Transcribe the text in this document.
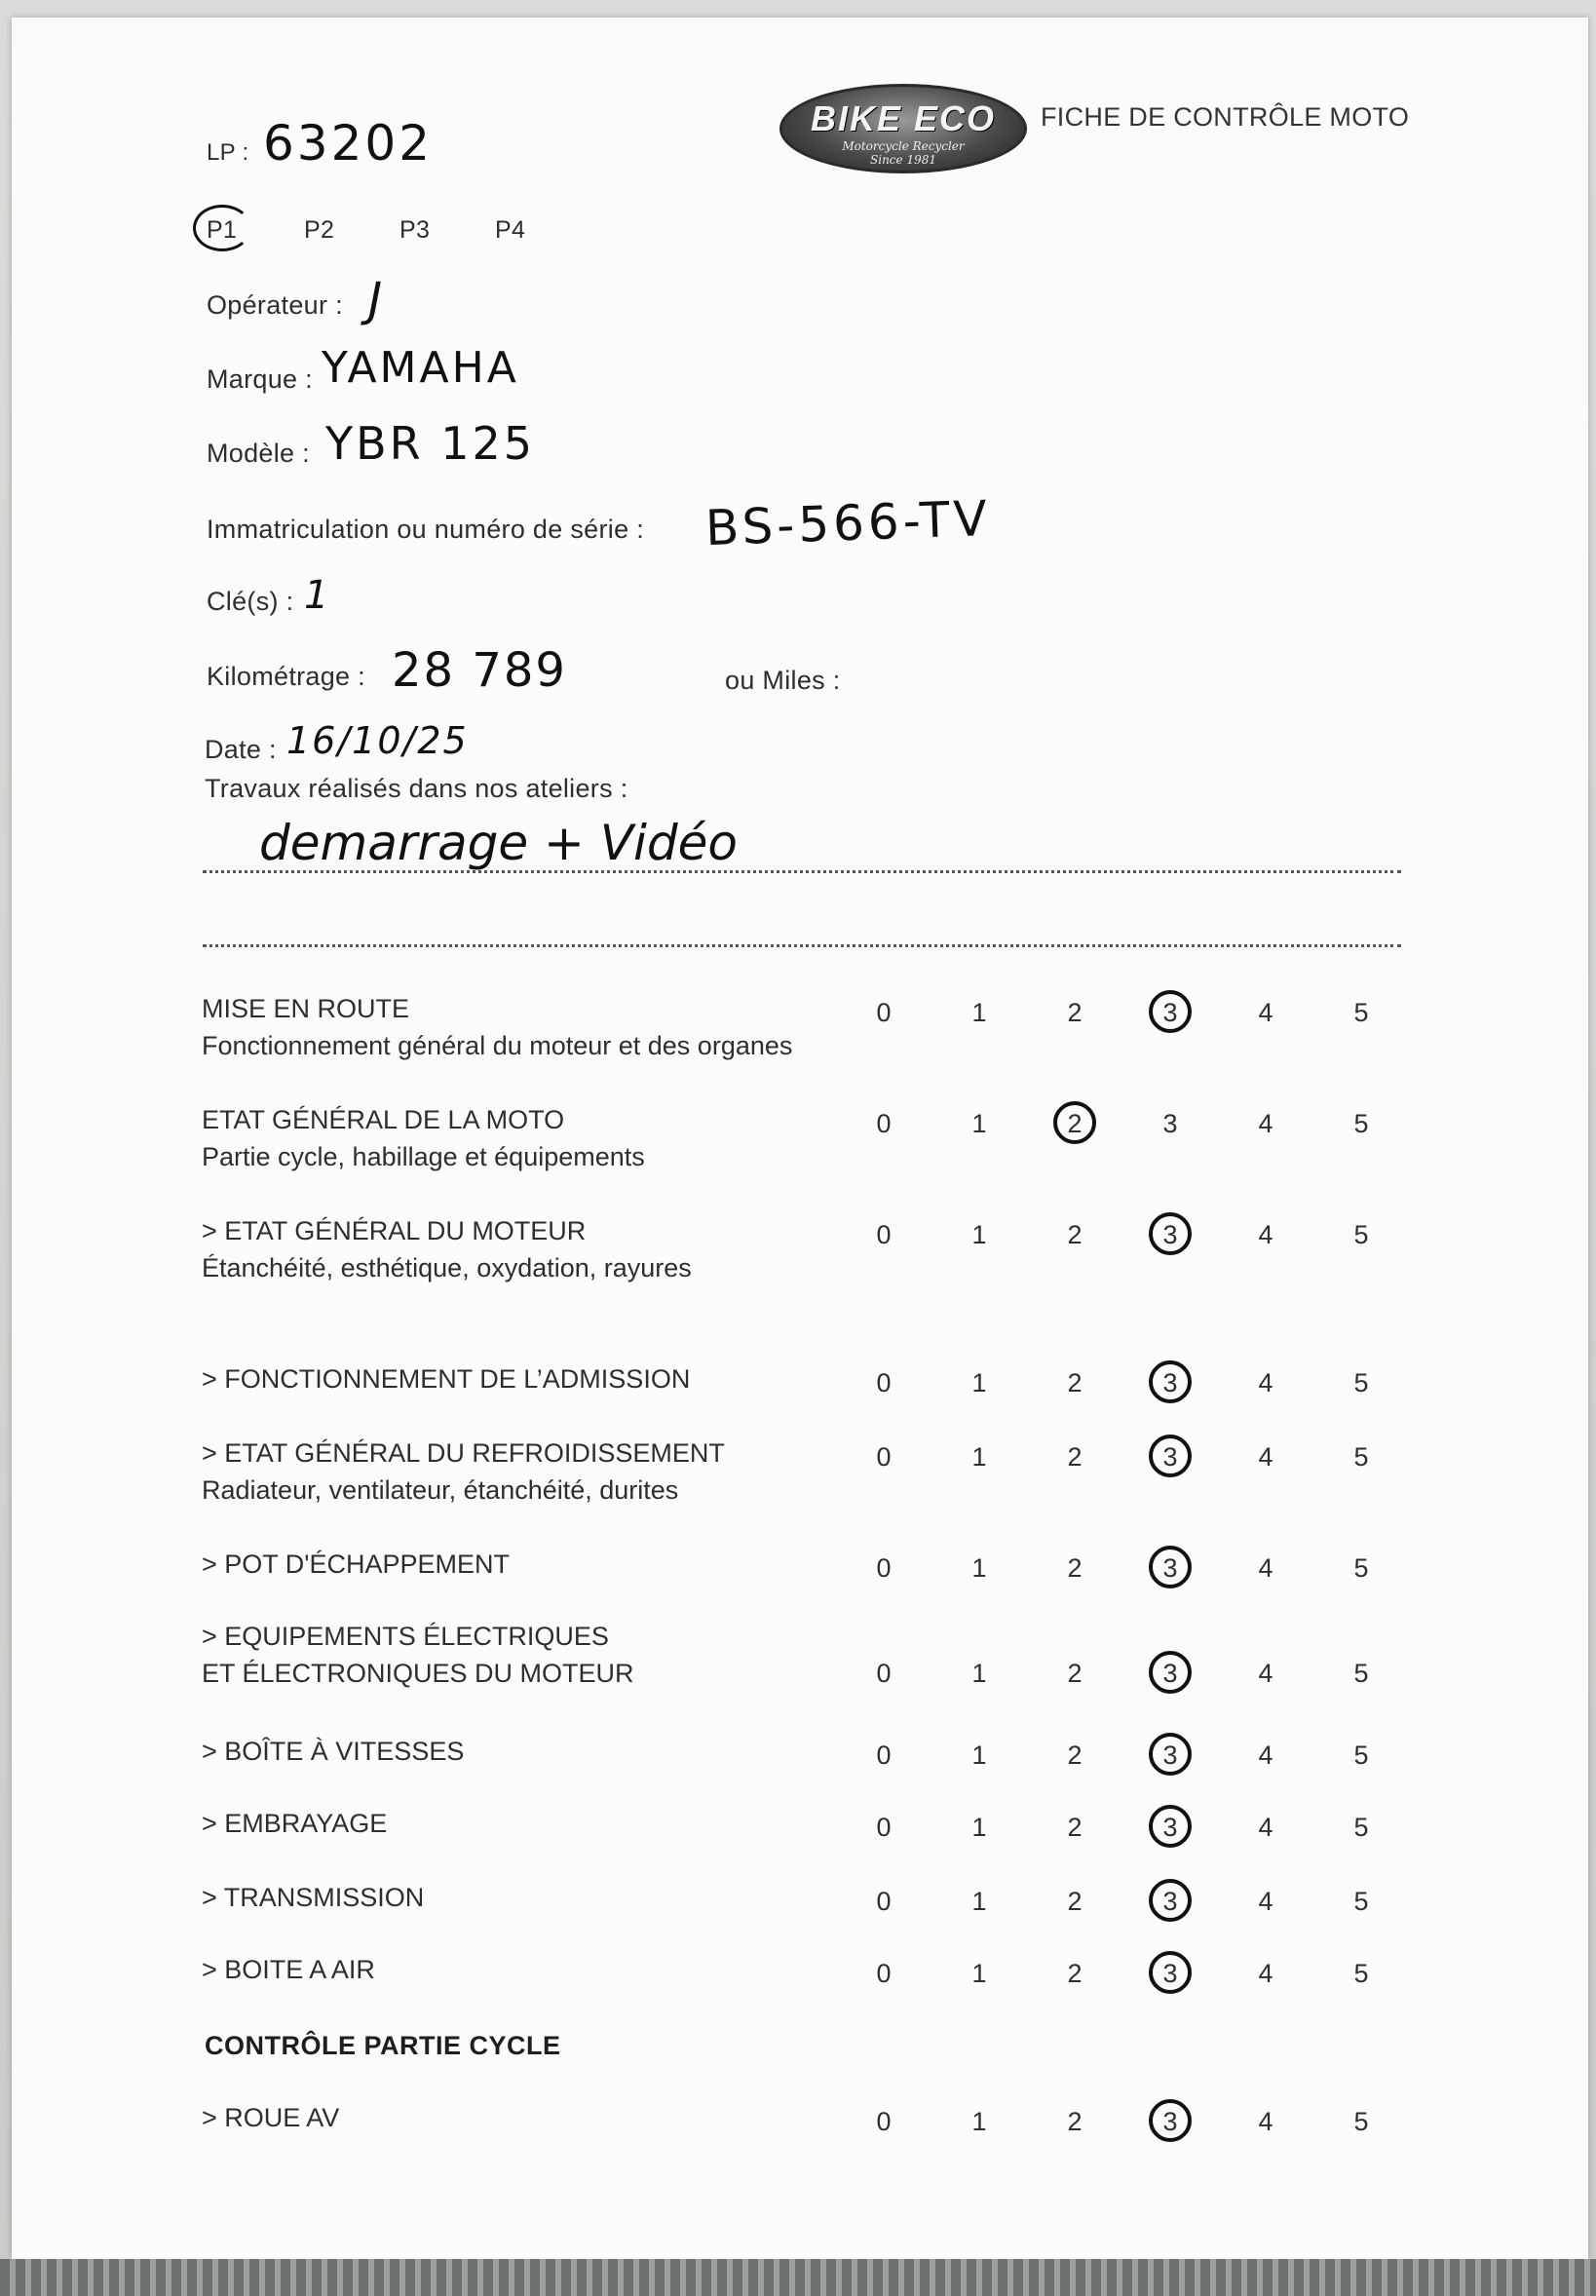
LP : 63202	BIKE ECO
Motorcycle Recycler
Since 1981
FICHE DE CONTRÔLE MOTO
P1	P2	P3	P4
Opérateur : J
Marque : YAMAHA
Modèle : YBR 125
Immatriculation ou numéro de série : BS-566-TV
Clé(s) : 1
Kilométrage : 28 789	ou Miles :
Date : 16/10/25
Travaux réalisés dans nos ateliers :
demarrage + Vidéo
MISE EN ROUTE
Fonctionnement général du moteur et des organes
0	1	2	3	4	5
ETAT GÉNÉRAL DE LA MOTO
Partie cycle, habillage et équipements
0	1	2	3	4	5
> ETAT GÉNÉRAL DU MOTEUR
Étanchéité, esthétique, oxydation, rayures
0	1	2	3	4	5
> FONCTIONNEMENT DE L’ADMISSION	0	1	2	3	4	5
> ETAT GÉNÉRAL DU REFROIDISSEMENT
Radiateur, ventilateur, étanchéité, durites
0	1	2	3	4	5
> POT D'ÉCHAPPEMENT	0	1	2	3	4	5
> EQUIPEMENTS ÉLECTRIQUES
ET ÉLECTRONIQUES DU MOTEUR	0	1	2	3	4	5
> BOÎTE À VITESSES	0	1	2	3	4	5
> EMBRAYAGE	0	1	2	3	4	5
> TRANSMISSION	0	1	2	3	4	5
> BOITE A AIR	0	1	2	3	4	5
CONTRÔLE PARTIE CYCLE
> ROUE AV	0	1	2	3	4	5
